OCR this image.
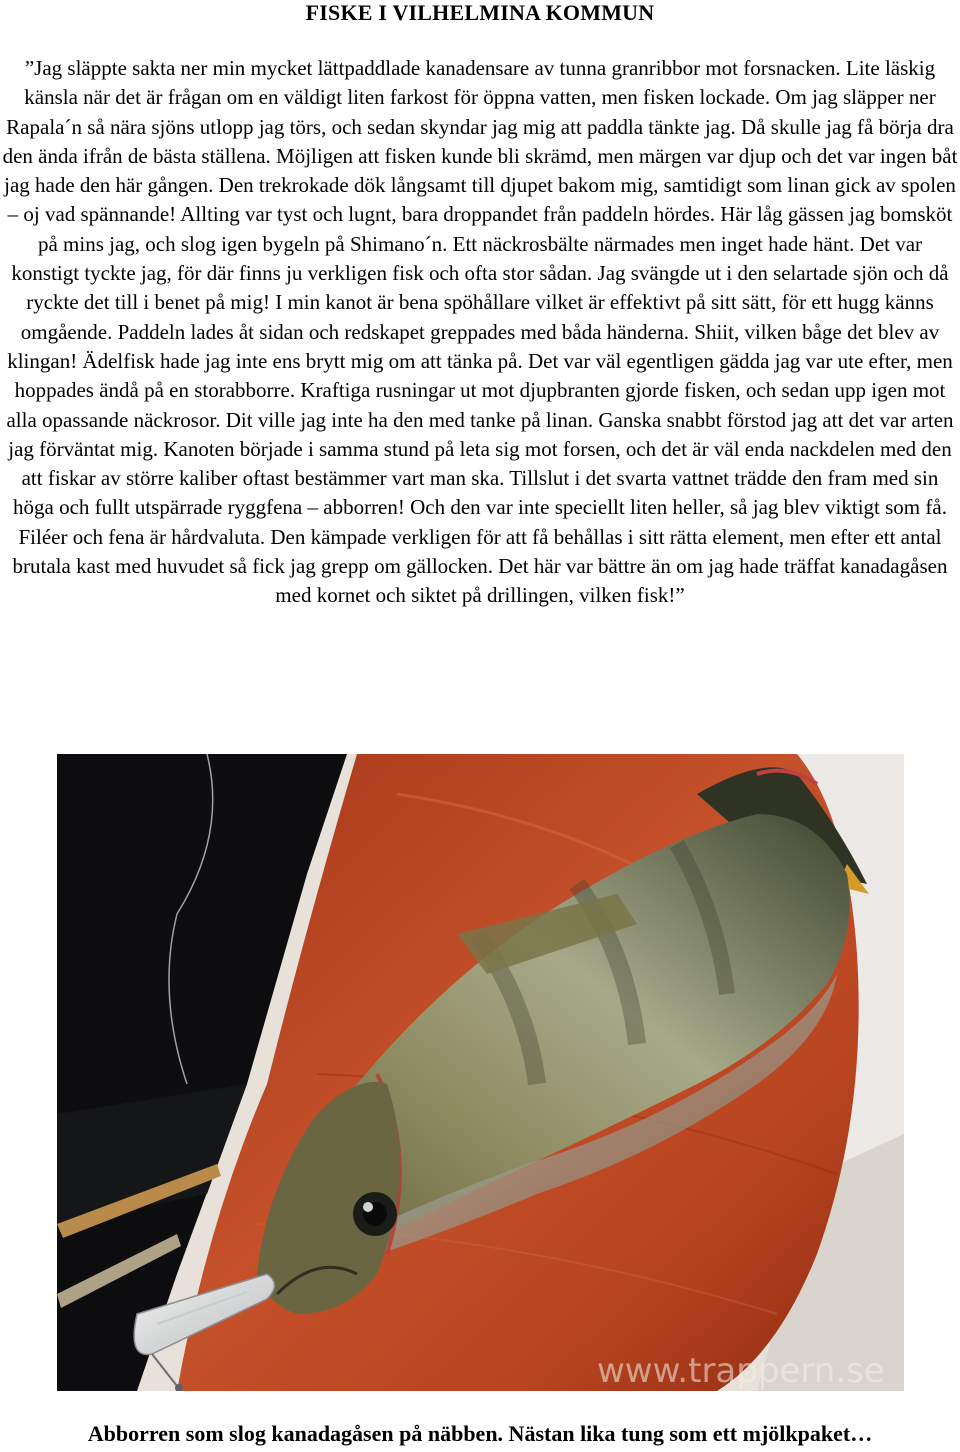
FISKE I VILHELMINA KOMMUN

”Jag släppte sakta ner min mycket lättpaddlade kanadensare av tunna granribbor mot forsnacken. Lite läskig känsla när det är frågan om en väldigt liten farkost för öppna vatten, men fisken lockade. Om jag släpper ner Rapala´n så nära sjöns utlopp jag törs, och sedan skyndar jag mig att paddla tänkte jag. Då skulle jag få börja dra den ända ifrån de bästa ställena. Möjligen att fisken kunde bli skrämd, men märgen var djup och det var ingen båt jag hade den här gången. Den trekrokade dök långsamt till djupet bakom mig, samtidigt som linan gick av spolen – oj vad spännande! Allting var tyst och lugnt, bara droppandet från paddeln hördes. Här låg gässen jag bomsköt på mins jag, och slog igen bygeln på Shimano´n. Ett näckrosbälte närmades men inget hade hänt. Det var konstigt tyckte jag, för där finns ju verkligen fisk och ofta stor sådan. Jag svängde ut i den selartade sjön och då ryckte det till i benet på mig! I min kanot är bena spöhållare vilket är effektivt på sitt sätt, för ett hugg känns omgående. Paddeln lades åt sidan och redskapet greppades med båda händerna. Shiit, vilken båge det blev av klingan! Ädelfisk hade jag inte ens brytt mig om att tänka på. Det var väl egentligen gädda jag var ute efter, men hoppades ändå på en storabborre. Kraftiga rusningar ut mot djupbranten gjorde fisken, och sedan upp igen mot alla opassande näckrosor. Dit ville jag inte ha den med tanke på linan. Ganska snabbt förstod jag att det var arten jag förväntat mig. Kanoten började i samma stund på leta sig mot forsen, och det är väl enda nackdelen med den att fiskar av större kaliber oftast bestämmer vart man ska. Tillslut i det svarta vattnet trädde den fram med sin höga och fullt utspärrade ryggfena – abborren! Och den var inte speciellt liten heller, så jag blev viktigt som få. Filéer och fena är hårdvaluta. Den kämpade verkligen för att få behållas i sitt rätta element, men efter ett antal brutala kast med huvudet så fick jag grepp om gällocken. Det här var bättre än om jag hade träffat kanadagåsen med kornet och siktet på drillingen, vilken fisk!”

www.trappern.se
Abborren som slog kanadagåsen på näbben. Nästan lika tung som ett mjölkpaket…
